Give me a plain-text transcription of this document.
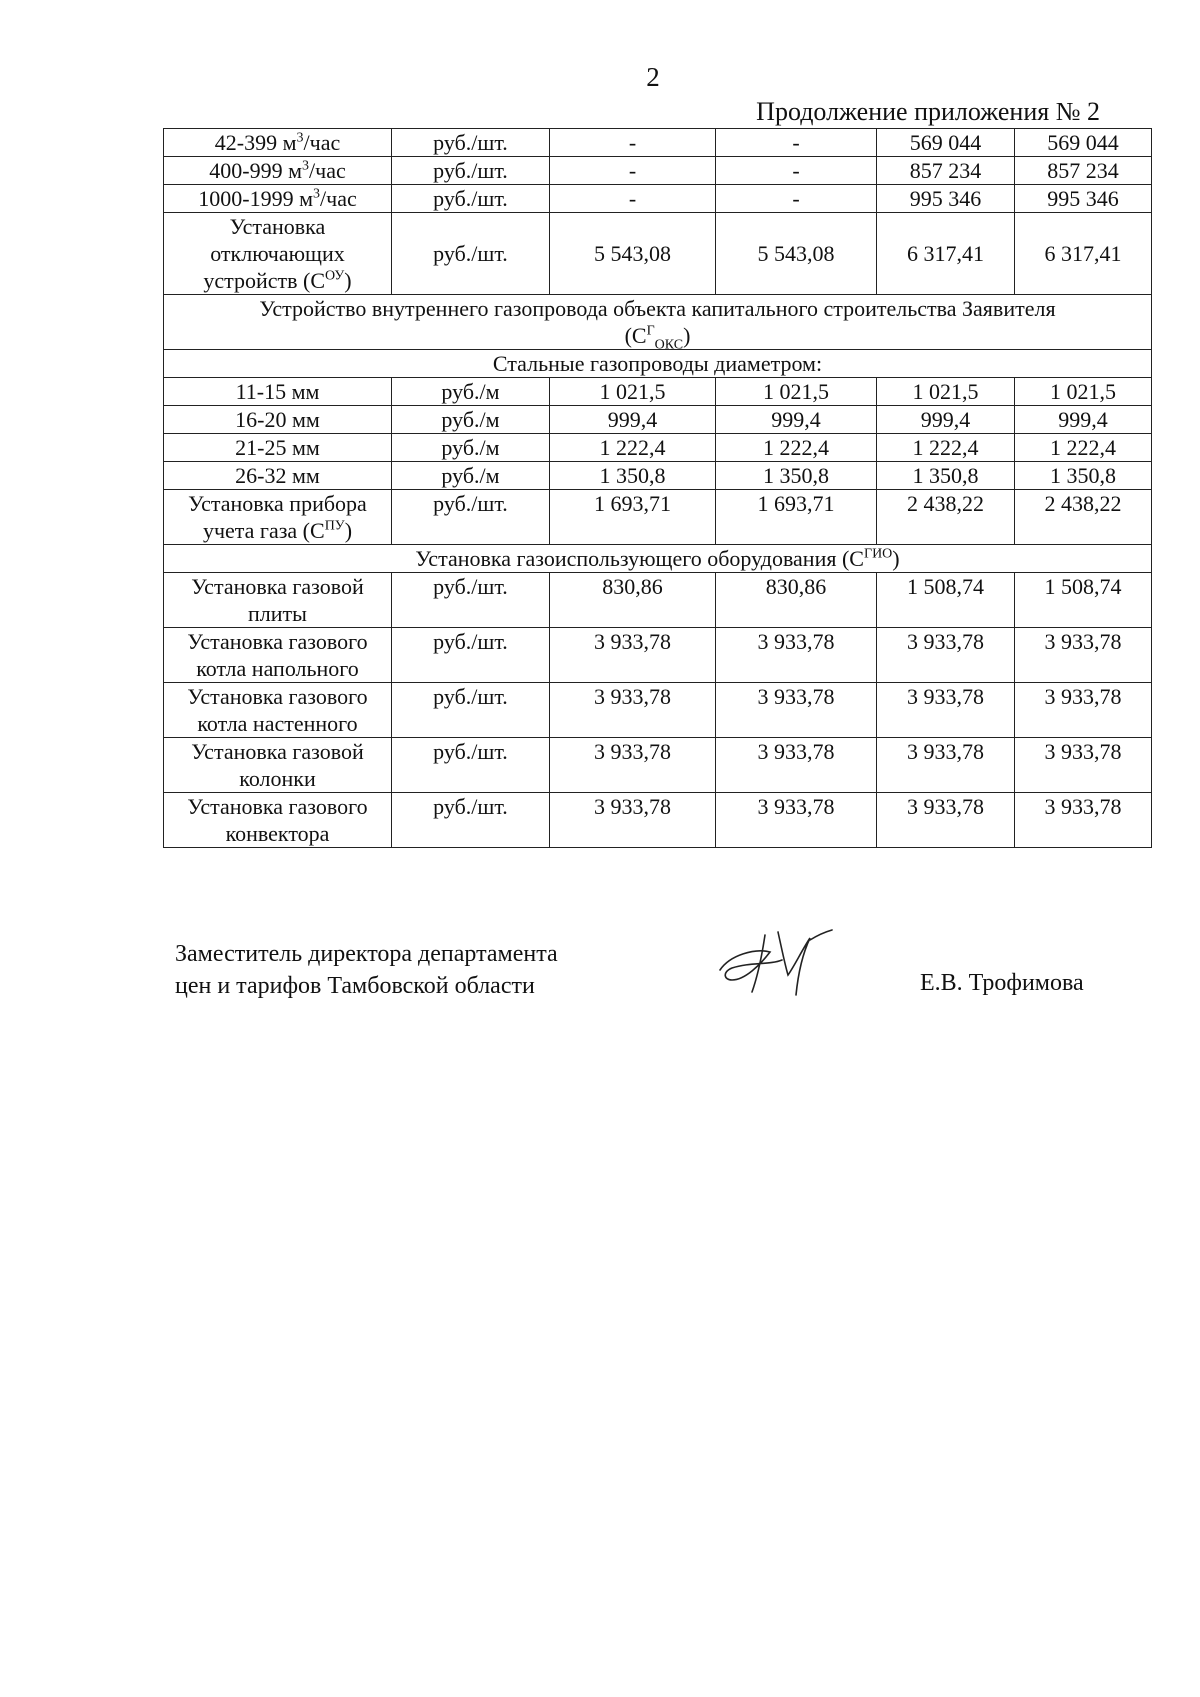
2
Продолжение приложения № 2
42-399 $м^3$/час	руб./шт.	-	-	569 044	569 044
400-999 $м^3$/час	руб./шт.	-	-	857 234	857 234
1000-1999 $м^3$/час	руб./шт.	-	-	995 346	995 346

Установка
отключающих
устройств $(С^{ОУ})$	руб./шт.	5 543,08	5 543,08	6 317,41	6 317,41

Устройство внутреннего газопровода объекта капитального строительства Заявителя
$(С^Г_{ОКС})$					

Стальные газопроводы диаметром:					
11-15 мм	руб./м	1 021,5	1 021,5	1 021,5	1 021,5
16-20 мм	руб./м	999,4	999,4	999,4	999,4
21-25 мм	руб./м	1 222,4	1 222,4	1 222,4	1 222,4
26-32 мм	руб./м	1 350,8	1 350,8	1 350,8	1 350,8

Установка прибора
учета газа $(С^{ПУ})$	руб./шт.	1 693,71	1 693,71	2 438,22	2 438,22
Установка газоиспользующего оборудования $(С^{ГИО})$					

Установка газовой
плиты	руб./шт.	830,86	830,86	1 508,74	1 508,74

Установка газового
котла напольного	руб./шт.	3 933,78	3 933,78	3 933,78	3 933,78

Установка газового
котла настенного	руб./шт.	3 933,78	3 933,78	3 933,78	3 933,78

Установка газовой
колонки	руб./шт.	3 933,78	3 933,78	3 933,78	3 933,78

Установка газового
конвектора	руб./шт.	3 933,78	3 933,78	3 933,78	3 933,78
Заместитель директора департамента
цен и тарифов Тамбовской области	Е.В. Трофимова
